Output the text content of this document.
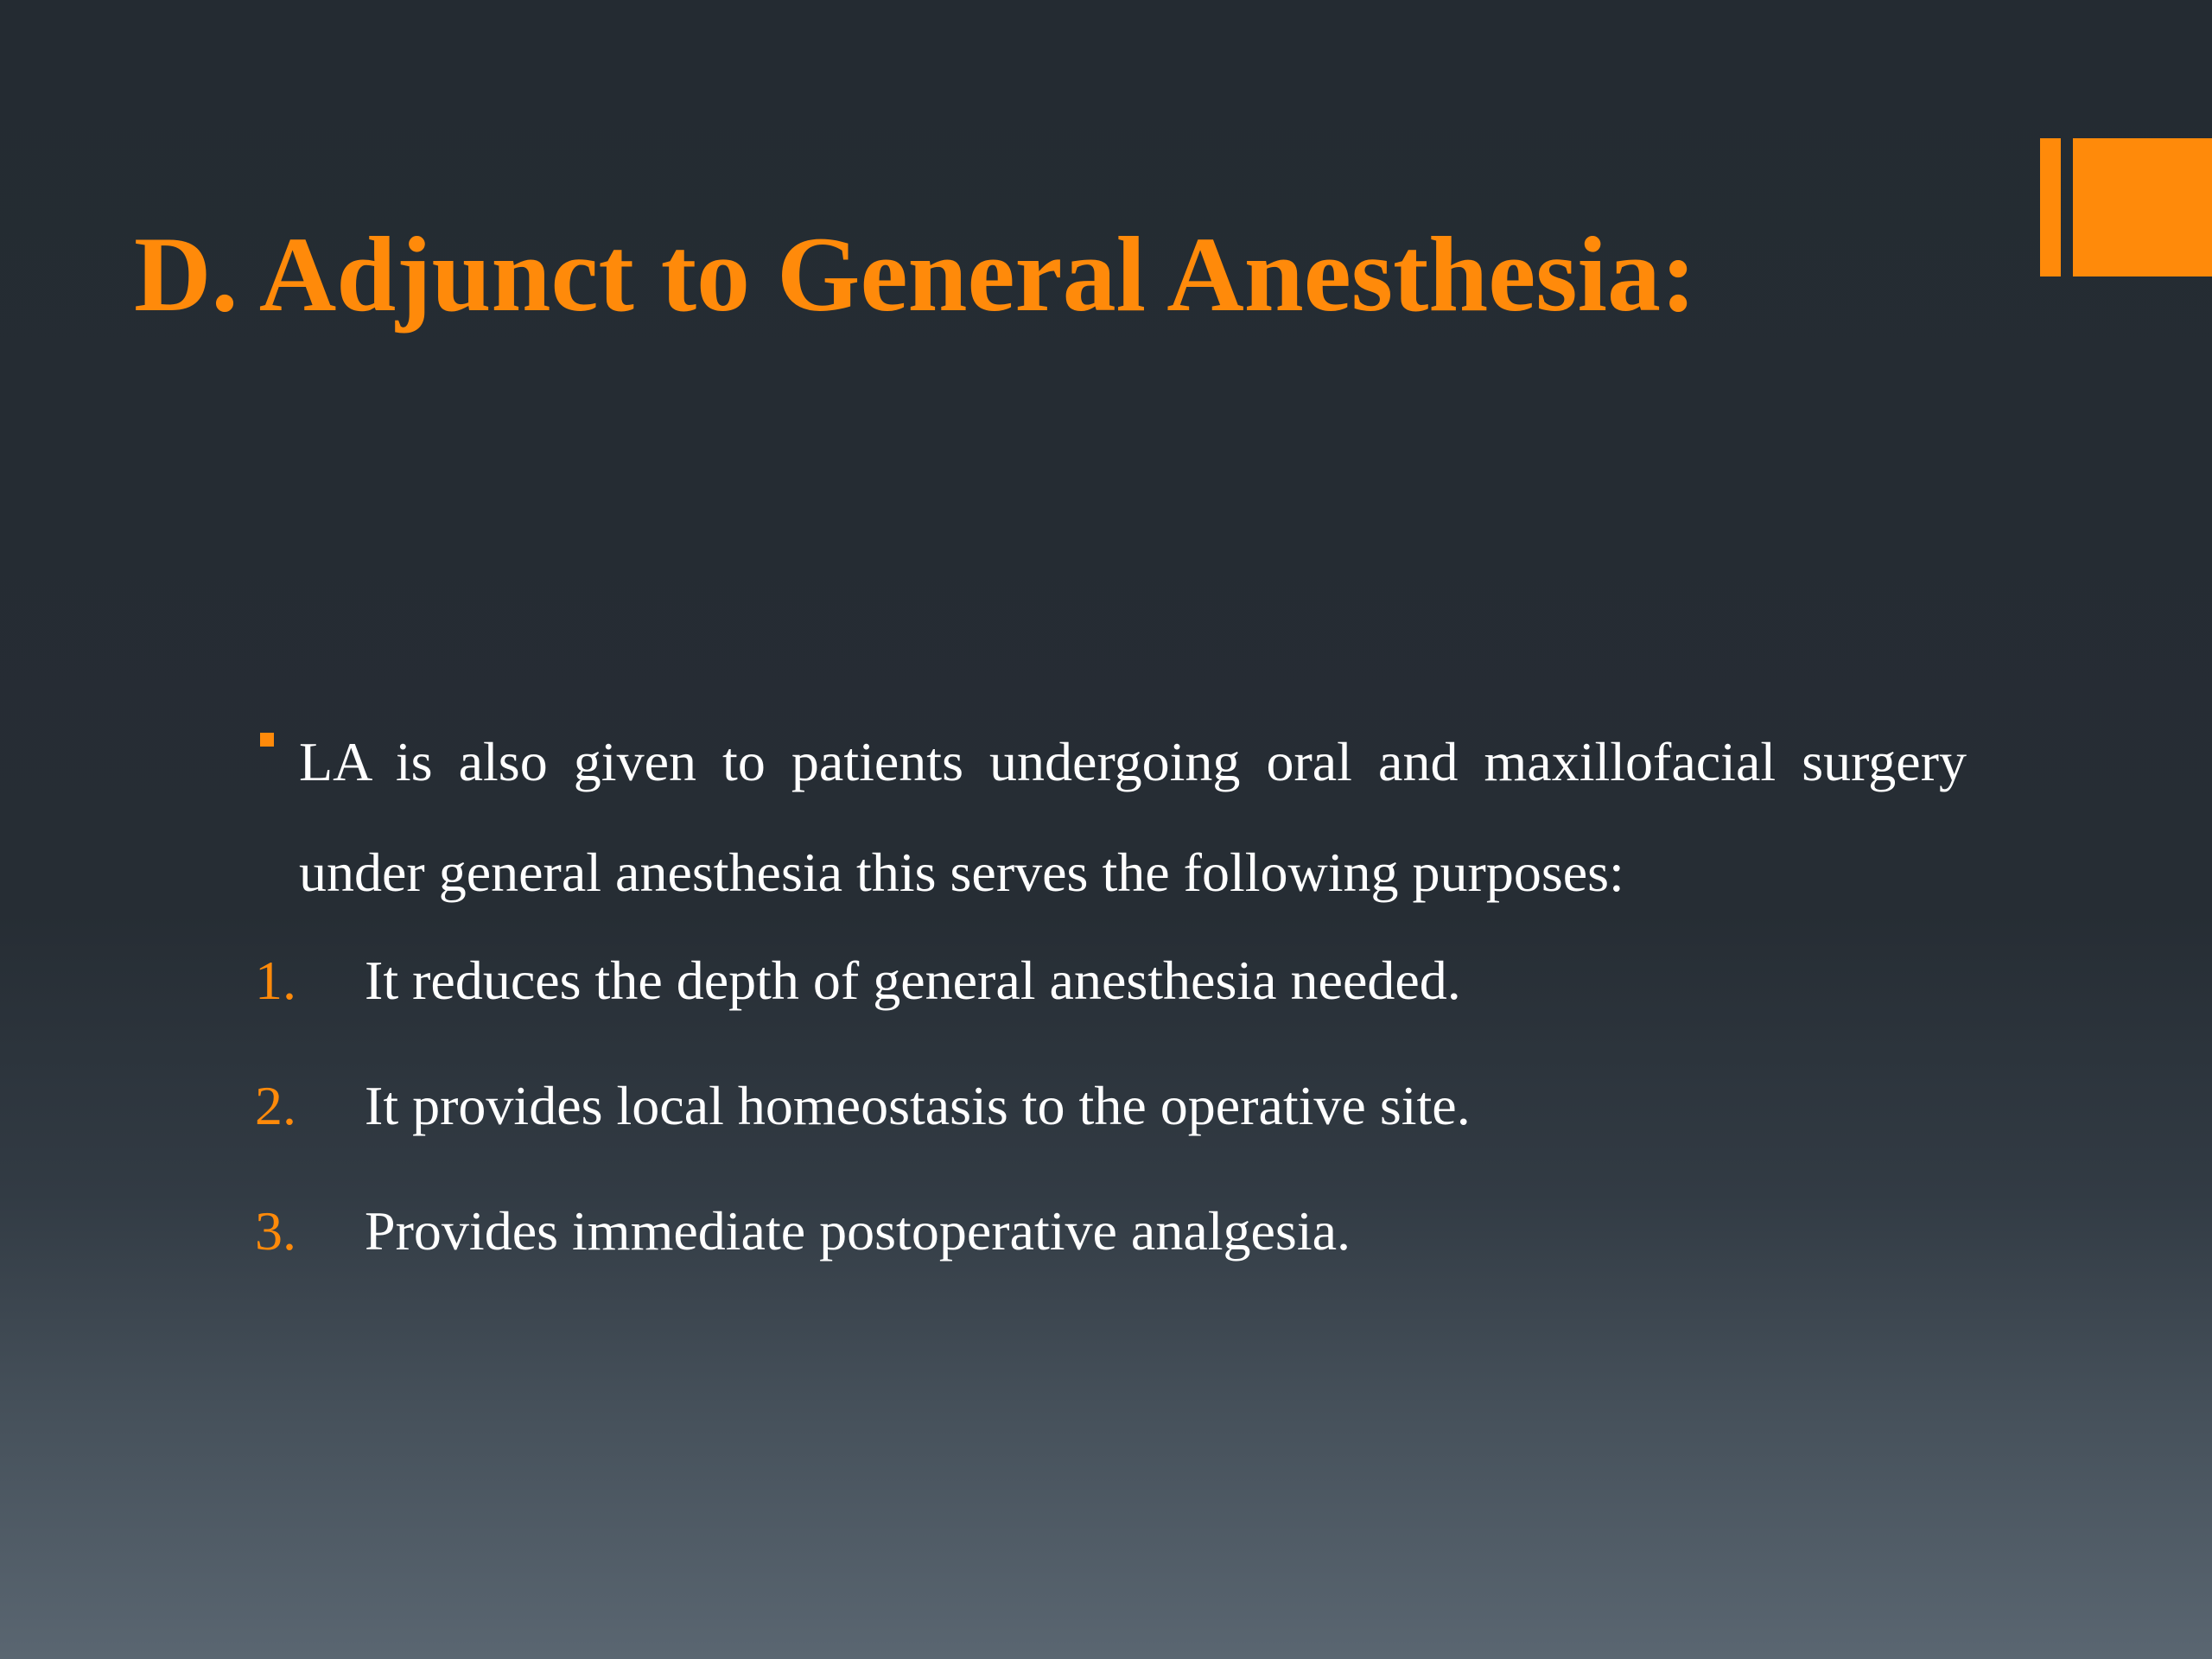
D. Adjunct to General Anesthesia:

LA is also given to patients undergoing oral and maxillofacial surgery under general anesthesia this serves the following purposes:

1. It reduces the depth of general anesthesia needed.
2. It provides local homeostasis to the operative site.
3. Provides immediate postoperative analgesia.
